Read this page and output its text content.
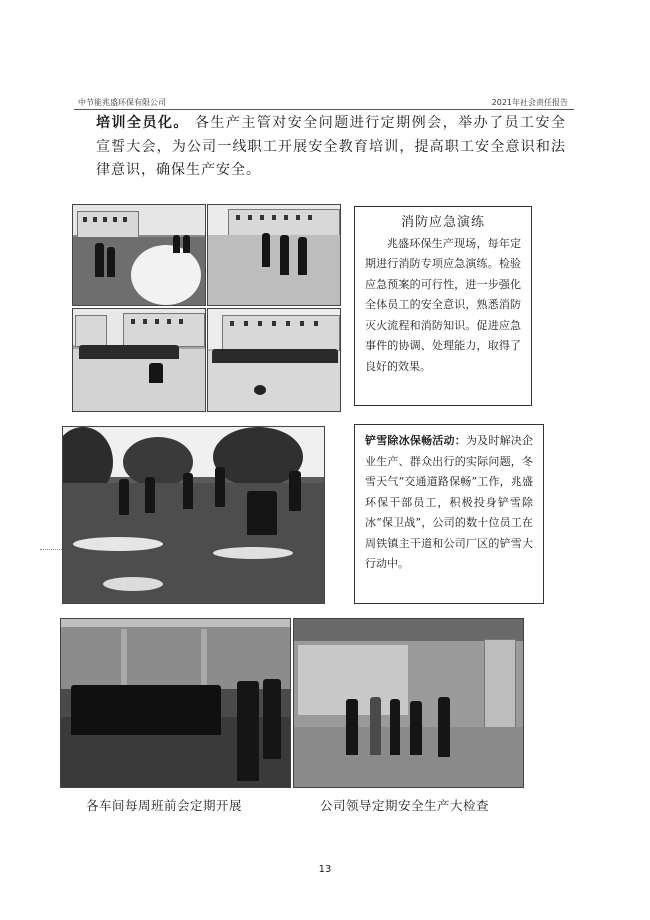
中节能兆盛环保有限公司	2021年社会责任报告
培训全员化。 各生产主管对安全问题进行定期例会，举办了员工安全宣誓大会，为公司一线职工开展安全教育培训，提高职工安全意识和法律意识，确保生产安全。
消防应急演练

兆盛环保生产现场，每年定期进行消防专项应急演练。检验应急预案的可行性，进一步强化全体员工的安全意识，熟悉消防灭火流程和消防知识。促进应急事件的协调、处理能力，取得了良好的效果。

铲雪除冰保畅活动：为及时解决企业生产、群众出行的实际问题，冬雪天气“交通道路保畅”工作，兆盛环保干部员工，积极投身铲雪除冰“保卫战”，公司的数十位员工在周铁镇主干道和公司厂区的铲雪大行动中。

各车间每周班前会定期开展	公司领导定期安全生产大检查
13
